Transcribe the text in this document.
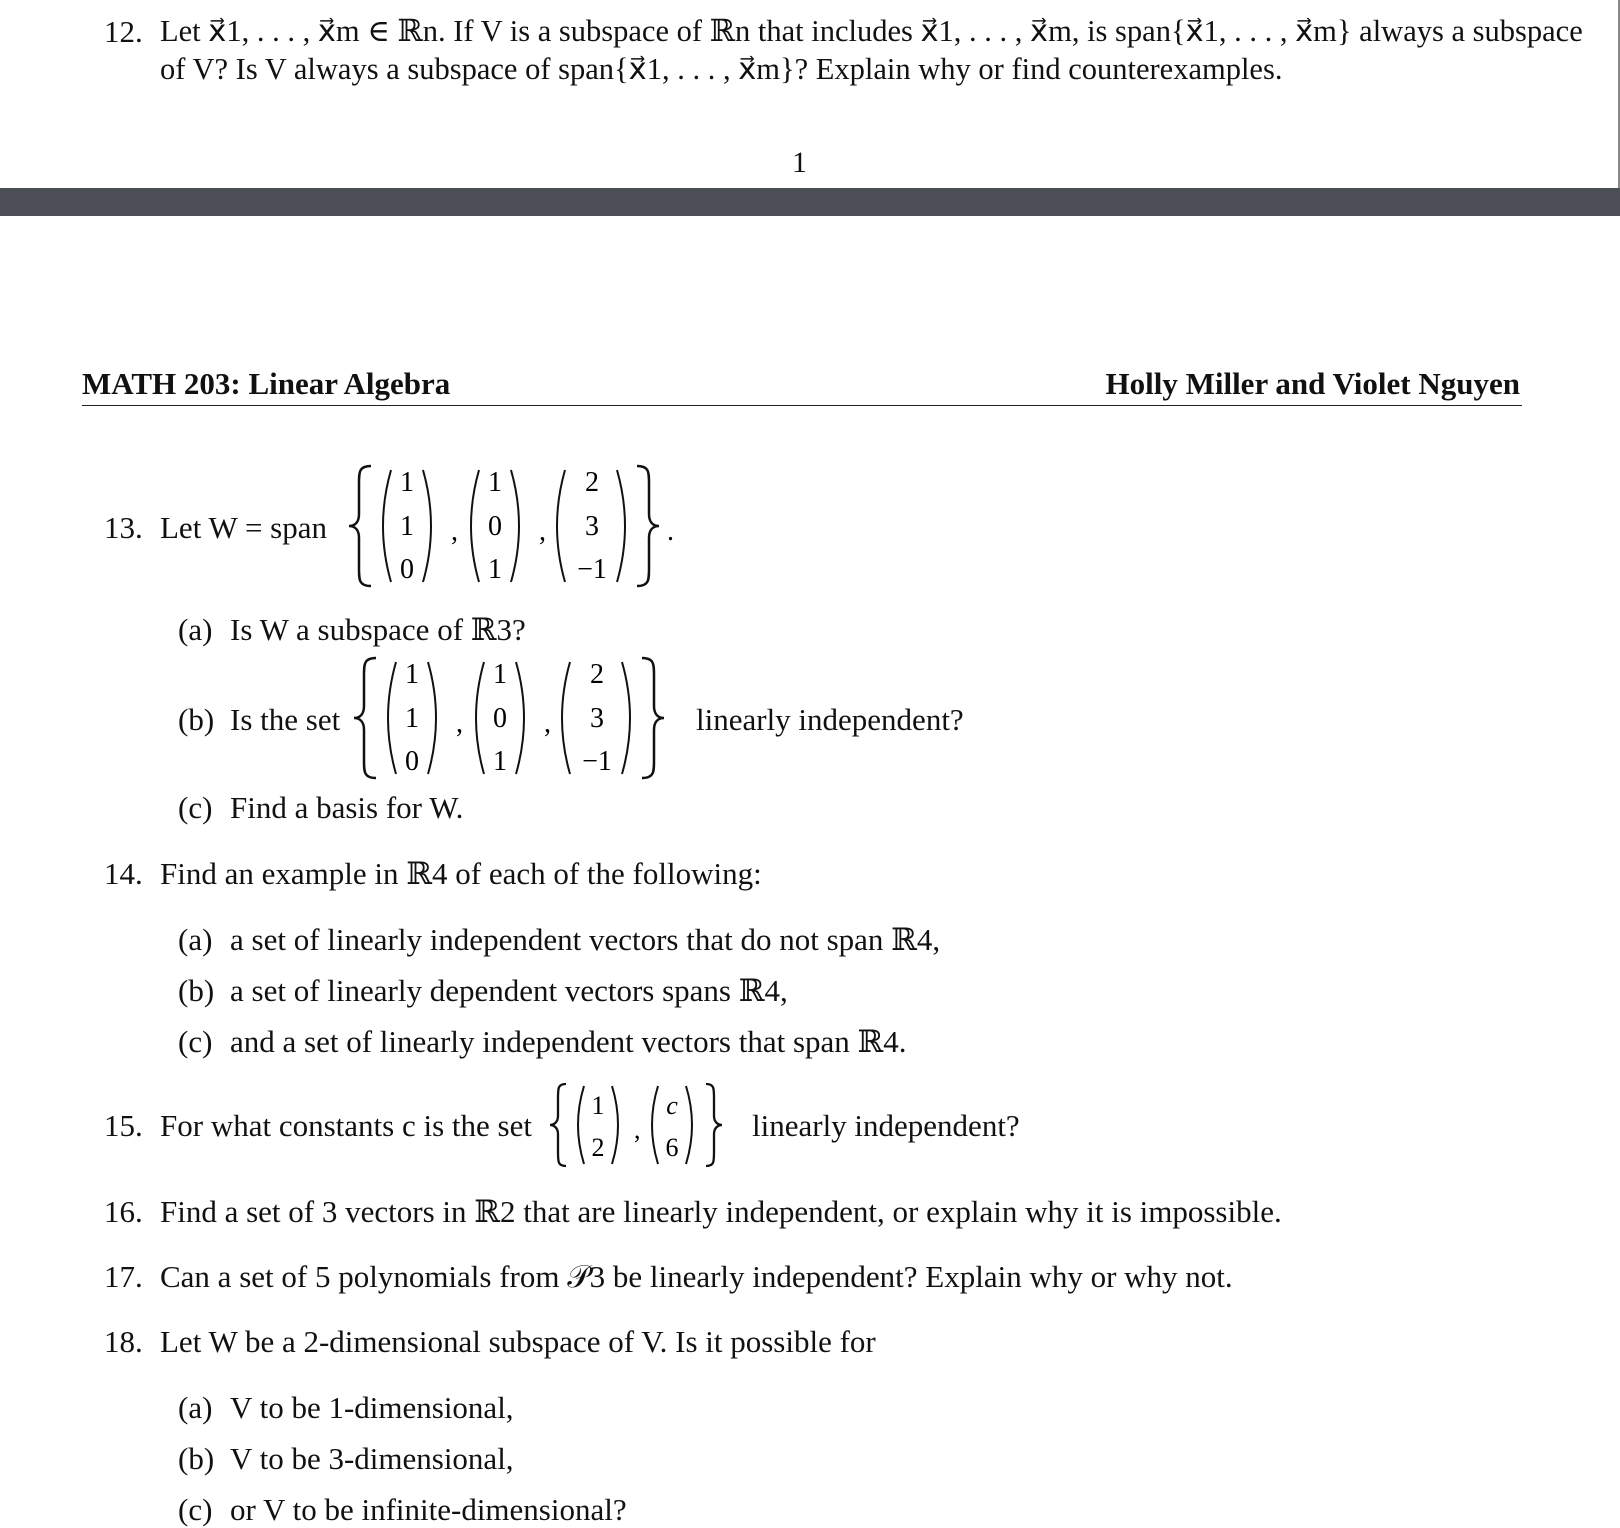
12. Let x⃗1, . . . , x⃗m ∈ ℝn. If V is a subspace of ℝn that includes x⃗1, . . . , x⃗m, is span{x⃗1, . . . , x⃗m} always a subspace
of V? Is V always a subspace of span{x⃗1, . . . , x⃗m}? Explain why or find counterexamples.
1
MATH 203: Linear Algebra	Holly Miller and Violet Nguyen
13. Let W = span
1
1
0
,
1
0
1
,
2
3
−1
.
(a) Is W a subspace of ℝ3?
(b) Is the set
1
1
0
,
1
0
1
,
2
3
−1
linearly independent?
(c) Find a basis for W.
14. Find an example in ℝ4 of each of the following:
(a) a set of linearly independent vectors that do not span ℝ4,
(b) a set of linearly dependent vectors spans ℝ4,
(c) and a set of linearly independent vectors that span ℝ4.
15. For what constants c is the set
1
2
,
c
6
linearly independent?
16. Find a set of 3 vectors in ℝ2 that are linearly independent, or explain why it is impossible.
17. Can a set of 5 polynomials from 𝒫3 be linearly independent? Explain why or why not.
18. Let W be a 2-dimensional subspace of V. Is it possible for
(a) V to be 1-dimensional,
(b) V to be 3-dimensional,
(c) or V to be infinite-dimensional?
